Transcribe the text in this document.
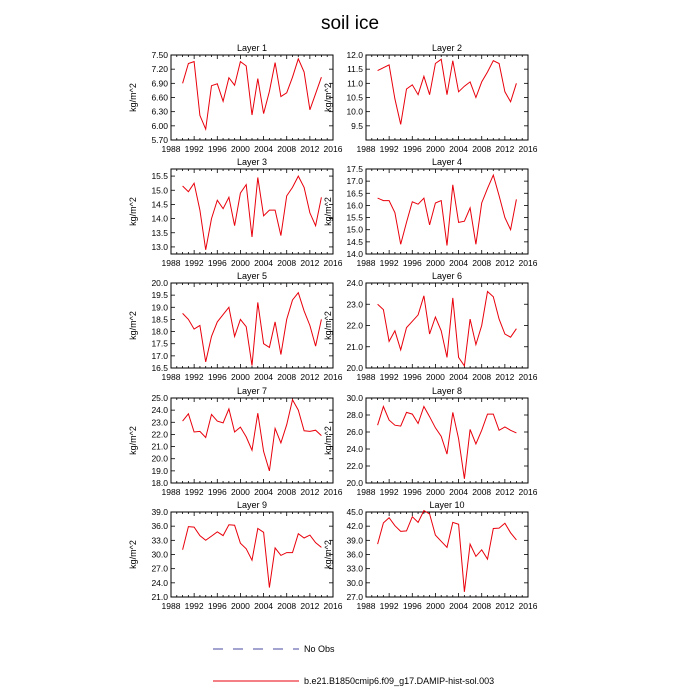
soil ice
Layer 1
kg/m^2
1988 1992 1996 2000 2004 2008 2012 2016
5.70
6.00
6.30
6.60
6.90
7.20
7.50
Layer 2
kg/m^2
1988 1992 1996 2000 2004 2008 2012 2016
9.5
10.0
10.5
11.0
11.5
12.0
Layer 3
kg/m^2
1988 1992 1996 2000 2004 2008 2012 2016
13.0
13.5
14.0
14.5
15.0
15.5
Layer 4
kg/m^2
1988 1992 1996 2000 2004 2008 2012 2016
14.0
14.5
15.0
15.5
16.0
16.5
17.0
17.5
Layer 5
kg/m^2
1988 1992 1996 2000 2004 2008 2012 2016
16.5
17.0
17.5
18.0
18.5
19.0
19.5
20.0
Layer 6
kg/m^2
1988 1992 1996 2000 2004 2008 2012 2016
20.0
21.0
22.0
23.0
24.0
Layer 7
kg/m^2
1988 1992 1996 2000 2004 2008 2012 2016
18.0
19.0
20.0
21.0
22.0
23.0
24.0
25.0
Layer 8
kg/m^2
1988 1992 1996 2000 2004 2008 2012 2016
20.0
22.0
24.0
26.0
28.0
30.0
Layer 9
kg/m^2
1988 1992 1996 2000 2004 2008 2012 2016
21.0
24.0
27.0
30.0
33.0
36.0
39.0
Layer 10
kg/m^2
1988 1992 1996 2000 2004 2008 2012 2016
27.0
30.0
33.0
36.0
39.0
42.0
45.0
No Obs
b.e21.B1850cmip6.f09_g17.DAMIP-hist-sol.003
